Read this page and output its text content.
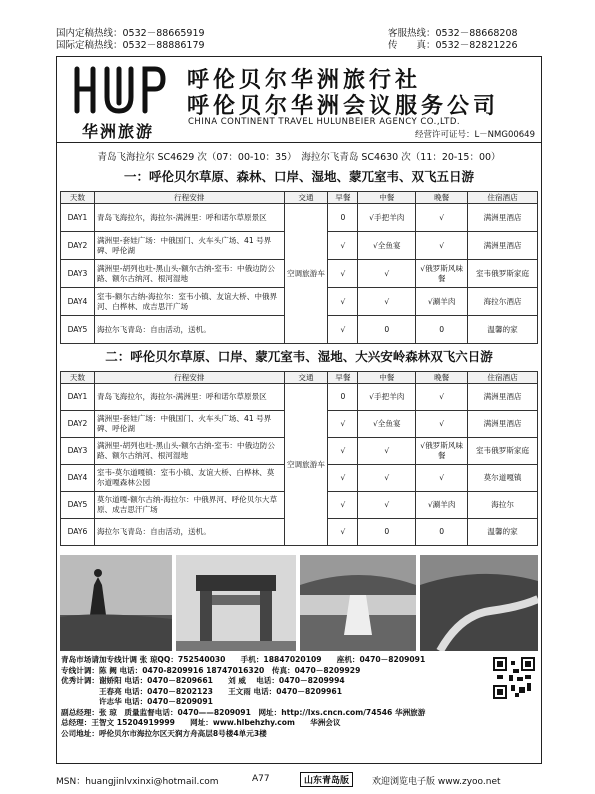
国内定稿热线：0532－88665919	客服热线：0532－88668208
国际定稿热线：0532－88886179	传　　真：0532－82821226
华洲旅游
呼伦贝尔华洲旅行社
呼伦贝尔华洲会议服务公司
CHINA CONTINENT TRAVEL HULUNBEIER AGENCY CO.,LTD.
经营许可证号：L－NMG00649
青岛飞海拉尔 SC4629 次（07：00-10：35）　海拉尔飞青岛 SC4630 次（11：20-15：00）
一：呼伦贝尔草原、森林、口岸、湿地、蒙兀室韦、双飞五日游
天数	行程安排	交通	早餐	中餐	晚餐	住宿酒店
DAY1	青岛飞海拉尔，海拉尔-满洲里：呼和诺尔草原景区	空调旅游车	0	√手把羊肉	√	满洲里酒店
DAY2	满洲里-套娃广场：中俄国门、火车头广场、41 号界碑、呼伦湖		√	√全鱼宴	√	满洲里酒店
DAY3	满洲里-胡列也吐-黑山头-额尔古纳-室韦：中俄边防公路、额尔古纳河、根河湿地		√	√	√俄罗斯风味餐	室韦俄罗斯家庭
DAY4	室韦-额尔古纳-海拉尔：室韦小镇、友谊大桥、中俄界河、白桦林、成吉思汗广场		√	√	√涮羊肉	海拉尔酒店
DAY5	海拉尔飞青岛：自由活动，送机。		√	0	0	温馨的家
二：呼伦贝尔草原、口岸、蒙兀室韦、湿地、大兴安岭森林双飞六日游
天数	行程安排	交通	早餐	中餐	晚餐	住宿酒店
DAY1	青岛飞海拉尔，海拉尔-满洲里：呼和诺尔草原景区	空调旅游车	0	√手把羊肉	√	满洲里酒店
DAY2	满洲里-套娃广场：中俄国门、火车头广场、41 号界碑、呼伦湖		√	√全鱼宴	√	满洲里酒店
DAY3	满洲里-胡列也吐-黑山头-额尔古纳-室韦：中俄边防公路、额尔古纳河、根河湿地		√	√	√俄罗斯风味餐	室韦俄罗斯家庭
DAY4	室韦-莫尔道嘎镇：室韦小镇、友谊大桥、白桦林、莫尔道嘎森林公园		√	√	√	莫尔道嘎镇
DAY5	莫尔道嘎-额尔古纳-海拉尔：中俄界河、呼伦贝尔大草原、成吉思汗广场		√	√	√涮羊肉	海拉尔
DAY6	海拉尔飞青岛：自由活动，送机。		√	0	0	温馨的家
青岛市场请加专线计调 张 琼QQ：752540030　　手机：18847020109　　座机：0470－8209091
专线计调：陈 阙 电话：0470-8209916 18747016320　传真：0470－8209929
优秀计调：谢娇阳 电话：0470－8209661　　刘 威　 电话：0470－8209994
　　　　　王春亮 电话：0470－8202123　　王文雨 电话：0470－8209961
　　　　　许志华 电话：0470－8209091
副总经理：张 琼　质量监督电话：0470——8209091　网址：http://lxs.cncn.com/74546 华洲旅游
总经理：王智文 15204919999　　网址：www.hlbehzhy.com　　华洲会议
公司地址：呼伦贝尔市海拉尔区天润方舟高层8号楼4单元3楼
MSN：huangjinlvxinxi@hotmail.com	A77	山东青岛版	欢迎浏览电子版 www.zyoo.net
